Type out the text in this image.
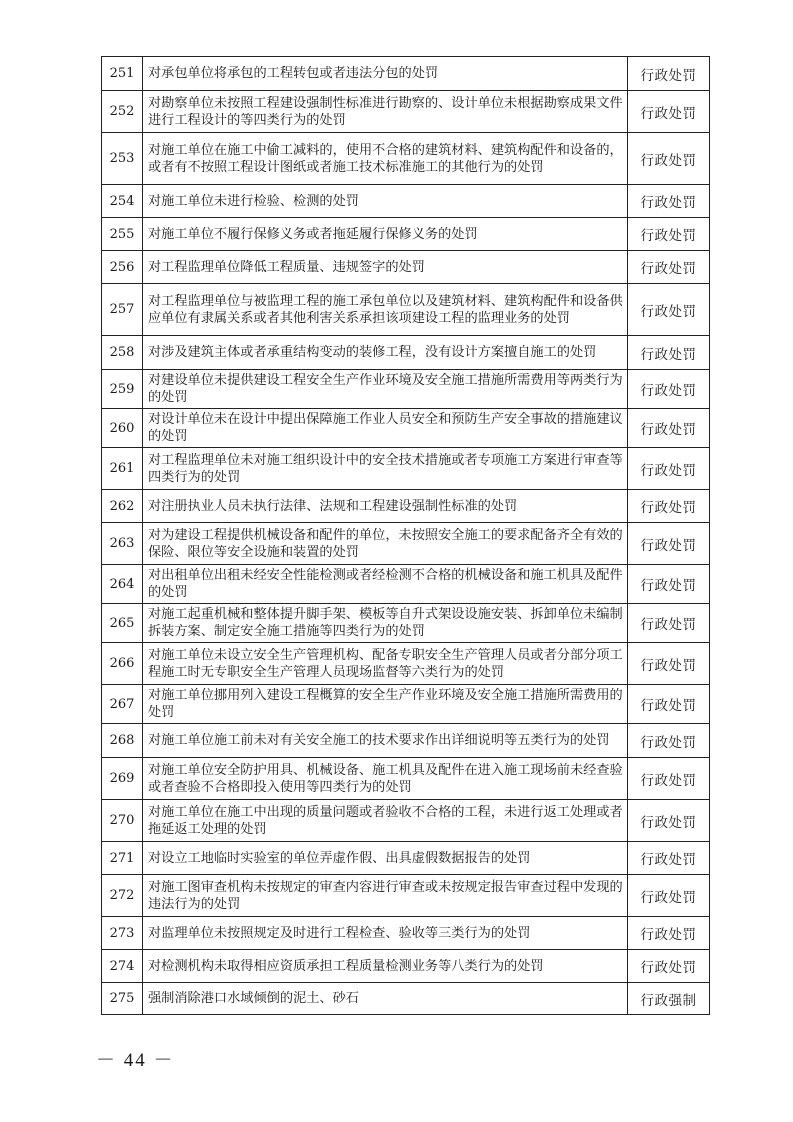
251	对承包单位将承包的工程转包或者违法分包的处罚	行政处罚
252	对勘察单位未按照工程建设强制性标准进行勘察的、设计单位未根据勘察成果文件进行工程设计的等四类行为的处罚	行政处罚
253	对施工单位在施工中偷工减料的，使用不合格的建筑材料、建筑构配件和设备的，或者有不按照工程设计图纸或者施工技术标准施工的其他行为的处罚	行政处罚
254	对施工单位未进行检验、检测的处罚	行政处罚
255	对施工单位不履行保修义务或者拖延履行保修义务的处罚	行政处罚
256	对工程监理单位降低工程质量、违规签字的处罚	行政处罚
257	对工程监理单位与被监理工程的施工承包单位以及建筑材料、建筑构配件和设备供应单位有隶属关系或者其他利害关系承担该项建设工程的监理业务的处罚	行政处罚
258	对涉及建筑主体或者承重结构变动的装修工程，没有设计方案擅自施工的处罚	行政处罚
259	对建设单位未提供建设工程安全生产作业环境及安全施工措施所需费用等两类行为的处罚	行政处罚
260	对设计单位未在设计中提出保障施工作业人员安全和预防生产安全事故的措施建议的处罚	行政处罚
261	对工程监理单位未对施工组织设计中的安全技术措施或者专项施工方案进行审查等四类行为的处罚	行政处罚
262	对注册执业人员未执行法律、法规和工程建设强制性标准的处罚	行政处罚
263	对为建设工程提供机械设备和配件的单位，未按照安全施工的要求配备齐全有效的保险、限位等安全设施和装置的处罚	行政处罚
264	对出租单位出租未经安全性能检测或者经检测不合格的机械设备和施工机具及配件的处罚	行政处罚
265	对施工起重机械和整体提升脚手架、模板等自升式架设设施安装、拆卸单位未编制拆装方案、制定安全施工措施等四类行为的处罚	行政处罚
266	对施工单位未设立安全生产管理机构、配备专职安全生产管理人员或者分部分项工程施工时无专职安全生产管理人员现场监督等六类行为的处罚	行政处罚
267	对施工单位挪用列入建设工程概算的安全生产作业环境及安全施工措施所需费用的处罚	行政处罚
268	对施工单位施工前未对有关安全施工的技术要求作出详细说明等五类行为的处罚	行政处罚
269	对施工单位安全防护用具、机械设备、施工机具及配件在进入施工现场前未经查验或者查验不合格即投入使用等四类行为的处罚	行政处罚
270	对施工单位在施工中出现的质量问题或者验收不合格的工程，未进行返工处理或者拖延返工处理的处罚	行政处罚
271	对设立工地临时实验室的单位弄虚作假、出具虚假数据报告的处罚	行政处罚
272	对施工图审查机构未按规定的审查内容进行审查或未按规定报告审查过程中发现的违法行为的处罚	行政处罚
273	对监理单位未按照规定及时进行工程检查、验收等三类行为的处罚	行政处罚
274	对检测机构未取得相应资质承担工程质量检测业务等八类行为的处罚	行政处罚
275	强制消除港口水域倾倒的泥土、砂石	行政强制
－ 44 －
